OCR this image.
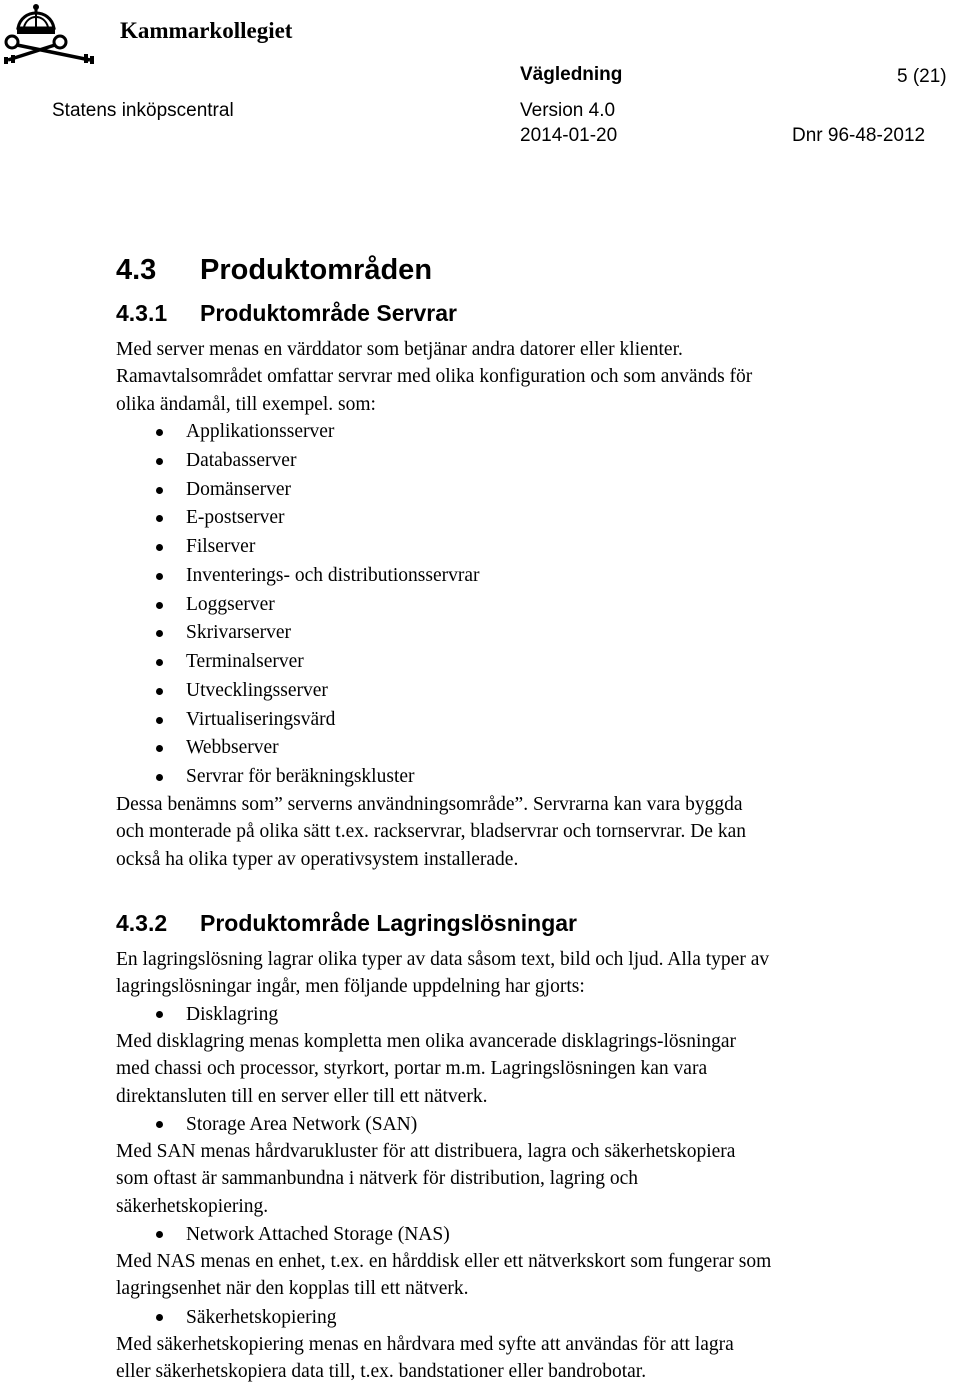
Kammarkollegiet
Vägledning	5 (21)
Statens inköpscentral	Version 4.0
2014-01-20	Dnr 96-48-2012
4.3 Produktområden
4.3.1 Produktområde Servrar
Med server menas en värddator som betjänar andra datorer eller klienter.
Ramavtalsområdet omfattar servrar med olika konfiguration och som används för
olika ändamål, till exempel. som:
Applikationsserver
Databasserver
Domänserver
E-postserver
Filserver
Inventerings- och distributionsservrar
Loggserver
Skrivarserver
Terminalserver
Utvecklingsserver
Virtualiseringsvärd
Webbserver
Servrar för beräkningskluster
Dessa benämns som” serverns användningsområde”. Servrarna kan vara byggda
och monterade på olika sätt t.ex. rackservrar, bladservrar och tornservrar. De kan
också ha olika typer av operativsystem installerade.
4.3.2 Produktområde Lagringslösningar
En lagringslösning lagrar olika typer av data såsom text, bild och ljud. Alla typer av
lagringslösningar ingår, men följande uppdelning har gjorts:
Disklagring
Med disklagring menas kompletta men olika avancerade disklagrings-lösningar
med chassi och processor, styrkort, portar m.m. Lagringslösningen kan vara
direktansluten till en server eller till ett nätverk.
Storage Area Network (SAN)
Med SAN menas hårdvarukluster för att distribuera, lagra och säkerhetskopiera
som oftast är sammanbundna i nätverk för distribution, lagring och
säkerhetskopiering.
Network Attached Storage (NAS)
Med NAS menas en enhet, t.ex. en hårddisk eller ett nätverkskort som fungerar som
lagringsenhet när den kopplas till ett nätverk.
Säkerhetskopiering
Med säkerhetskopiering menas en hårdvara med syfte att användas för att lagra
eller säkerhetskopiera data till, t.ex. bandstationer eller bandrobotar.
